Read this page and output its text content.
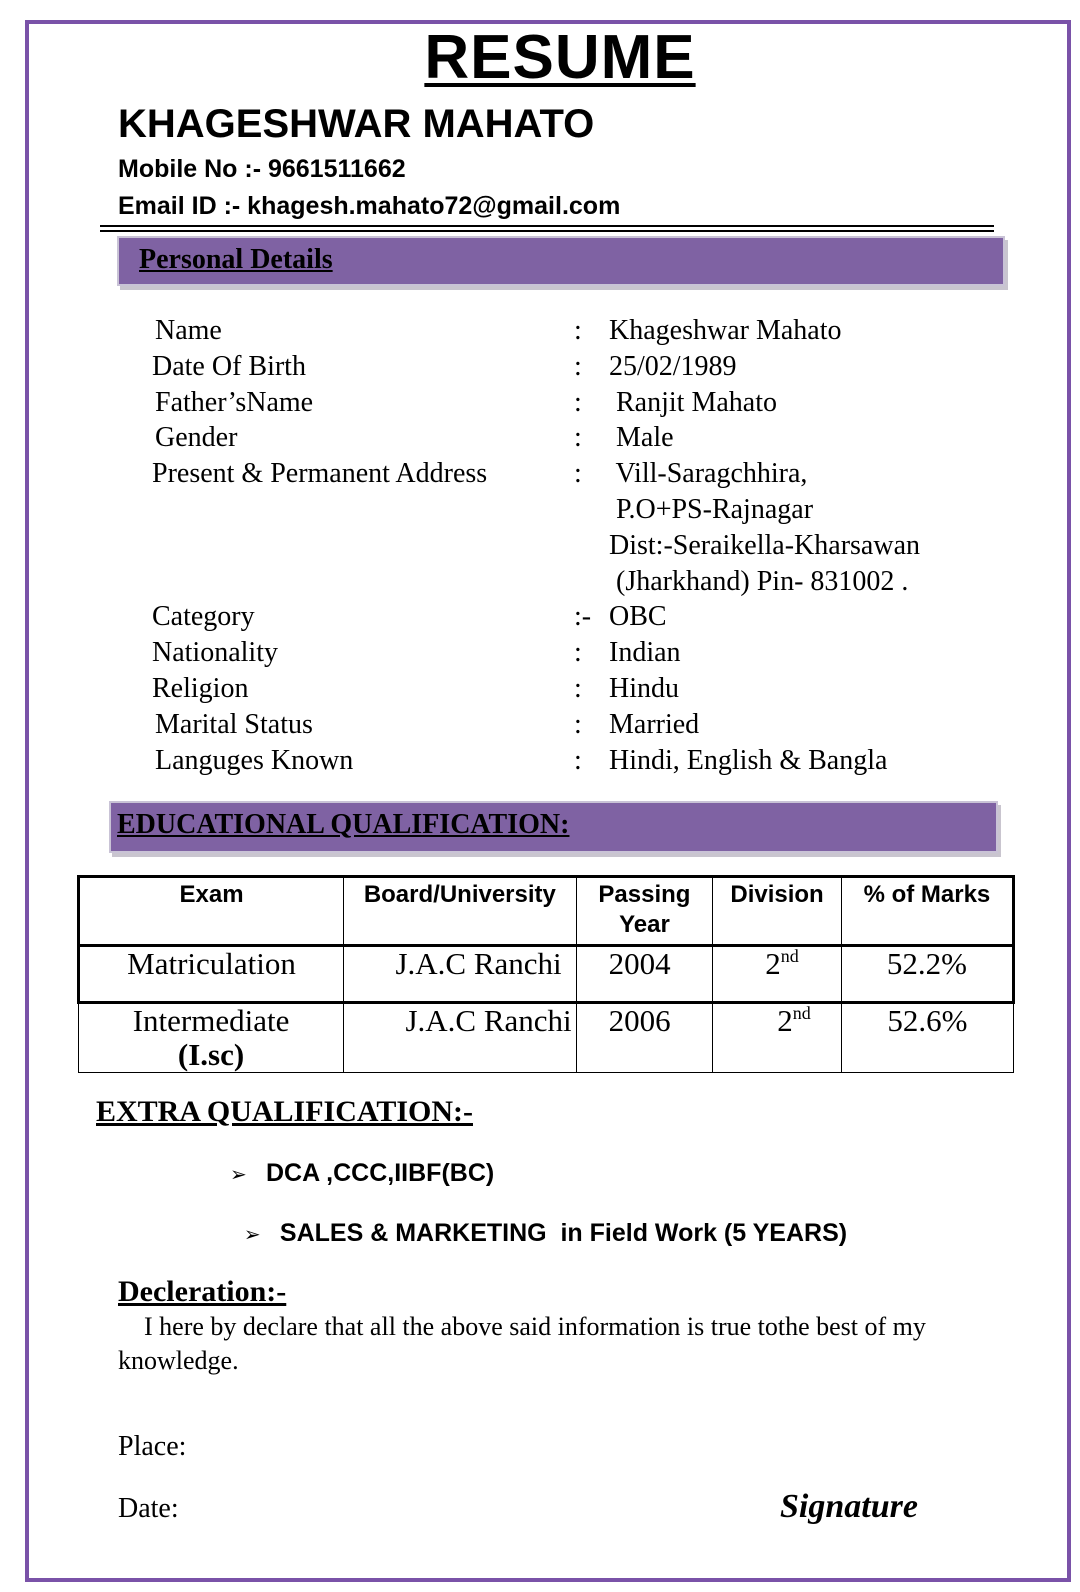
RESUME
KHAGESHWAR MAHATO
Mobile No :- 9661511662
Email ID :- khagesh.mahato72@gmail.com
Personal Details
Name	: Khageshwar Mahato
Date Of Birth	: 25/02/1989
Father’sName	: Ranjit Mahato
Gender	: Male
Present & Permanent Address	: Vill-Saragchhira,
P.O+PS-Rajnagar
Dist:-Seraikella-Kharsawan
(Jharkhand) Pin- 831002 .
Category	:- OBC
Nationality	: Indian
Religion	: Hindu
Marital Status	: Married
Languges Known	: Hindi, English & Bangla
EDUCATIONAL QUALIFICATION:
Exam	Board/University	Passing Year	Division	% of Marks
Matriculation	J.A.C Ranchi	2004	2nd	52.2%

Intermediate
(I.sc)	J.A.C Ranchi	2006	2nd	52.6%
EXTRA QUALIFICATION:-
➢ DCA ,CCC,IIBF(BC)

➢ SALES & MARKETING  in Field Work (5 YEARS)

Decleration:-
I here by declare that all the above said information is true tothe best of my knowledge.
Place:
Date:	Signature
